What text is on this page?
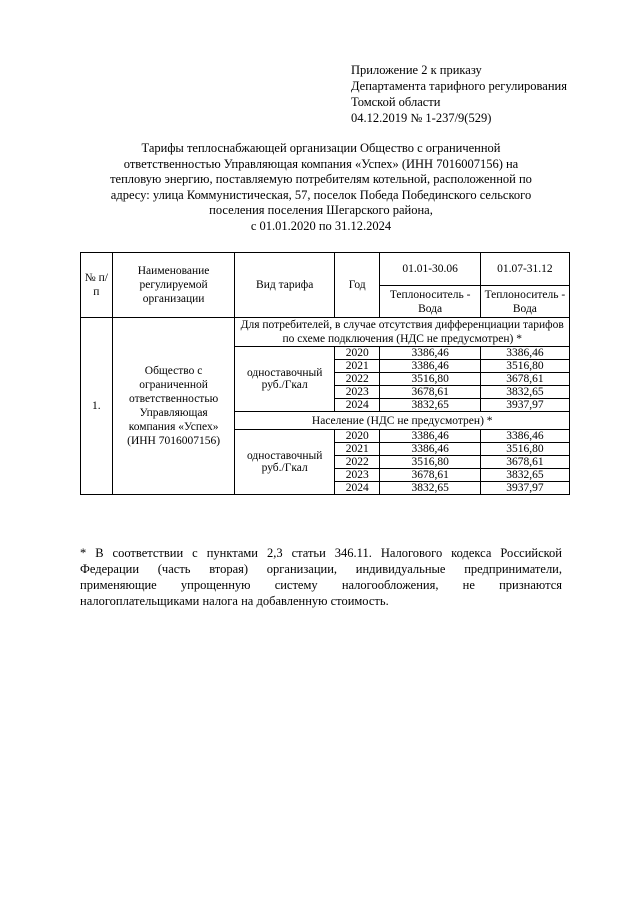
Приложение 2 к приказу
Департамента тарифного регулирования
Томской области
04.12.2019 № 1-237/9(529)
Тарифы теплоснабжающей организации Общество с ограниченной
ответственностью Управляющая компания «Успех» (ИНН 7016007156) на
тепловую энергию, поставляемую потребителям котельной, расположенной по
адресу: улица Коммунистическая, 57, поселок Победа Побединского сельского
поселения поселения Шегарского района,
с 01.01.2020 по 31.12.2024
№ п/п	Наименование регулируемой организации	Вид тарифа	Год	01.01-30.06	01.07-31.12
				Теплоноситель - Вода	Теплоноситель - Вода
1.	Общество с ограниченной ответственностью Управляющая компания «Успех» (ИНН 7016007156)	Для потребителей, в случае отсутствия дифференциации тарифов по схеме подключения (НДС не предусмотрен) *			
		одноставочный руб./Гкал	2020	3386,46	3386,46
			2021	3386,46	3516,80
			2022	3516,80	3678,61
			2023	3678,61	3832,65
			2024	3832,65	3937,97
		Население (НДС не предусмотрен) *			
		одноставочный руб./Гкал	2020	3386,46	3386,46
			2021	3386,46	3516,80
			2022	3516,80	3678,61
			2023	3678,61	3832,65
			2024	3832,65	3937,97
* В соответствии с пунктами 2,3 статьи 346.11. Налогового кодекса Российской Федерации (часть вторая) организации, индивидуальные предприниматели, применяющие упрощенную систему налогообложения, не признаются налогоплательщиками налога на добавленную стоимость.
